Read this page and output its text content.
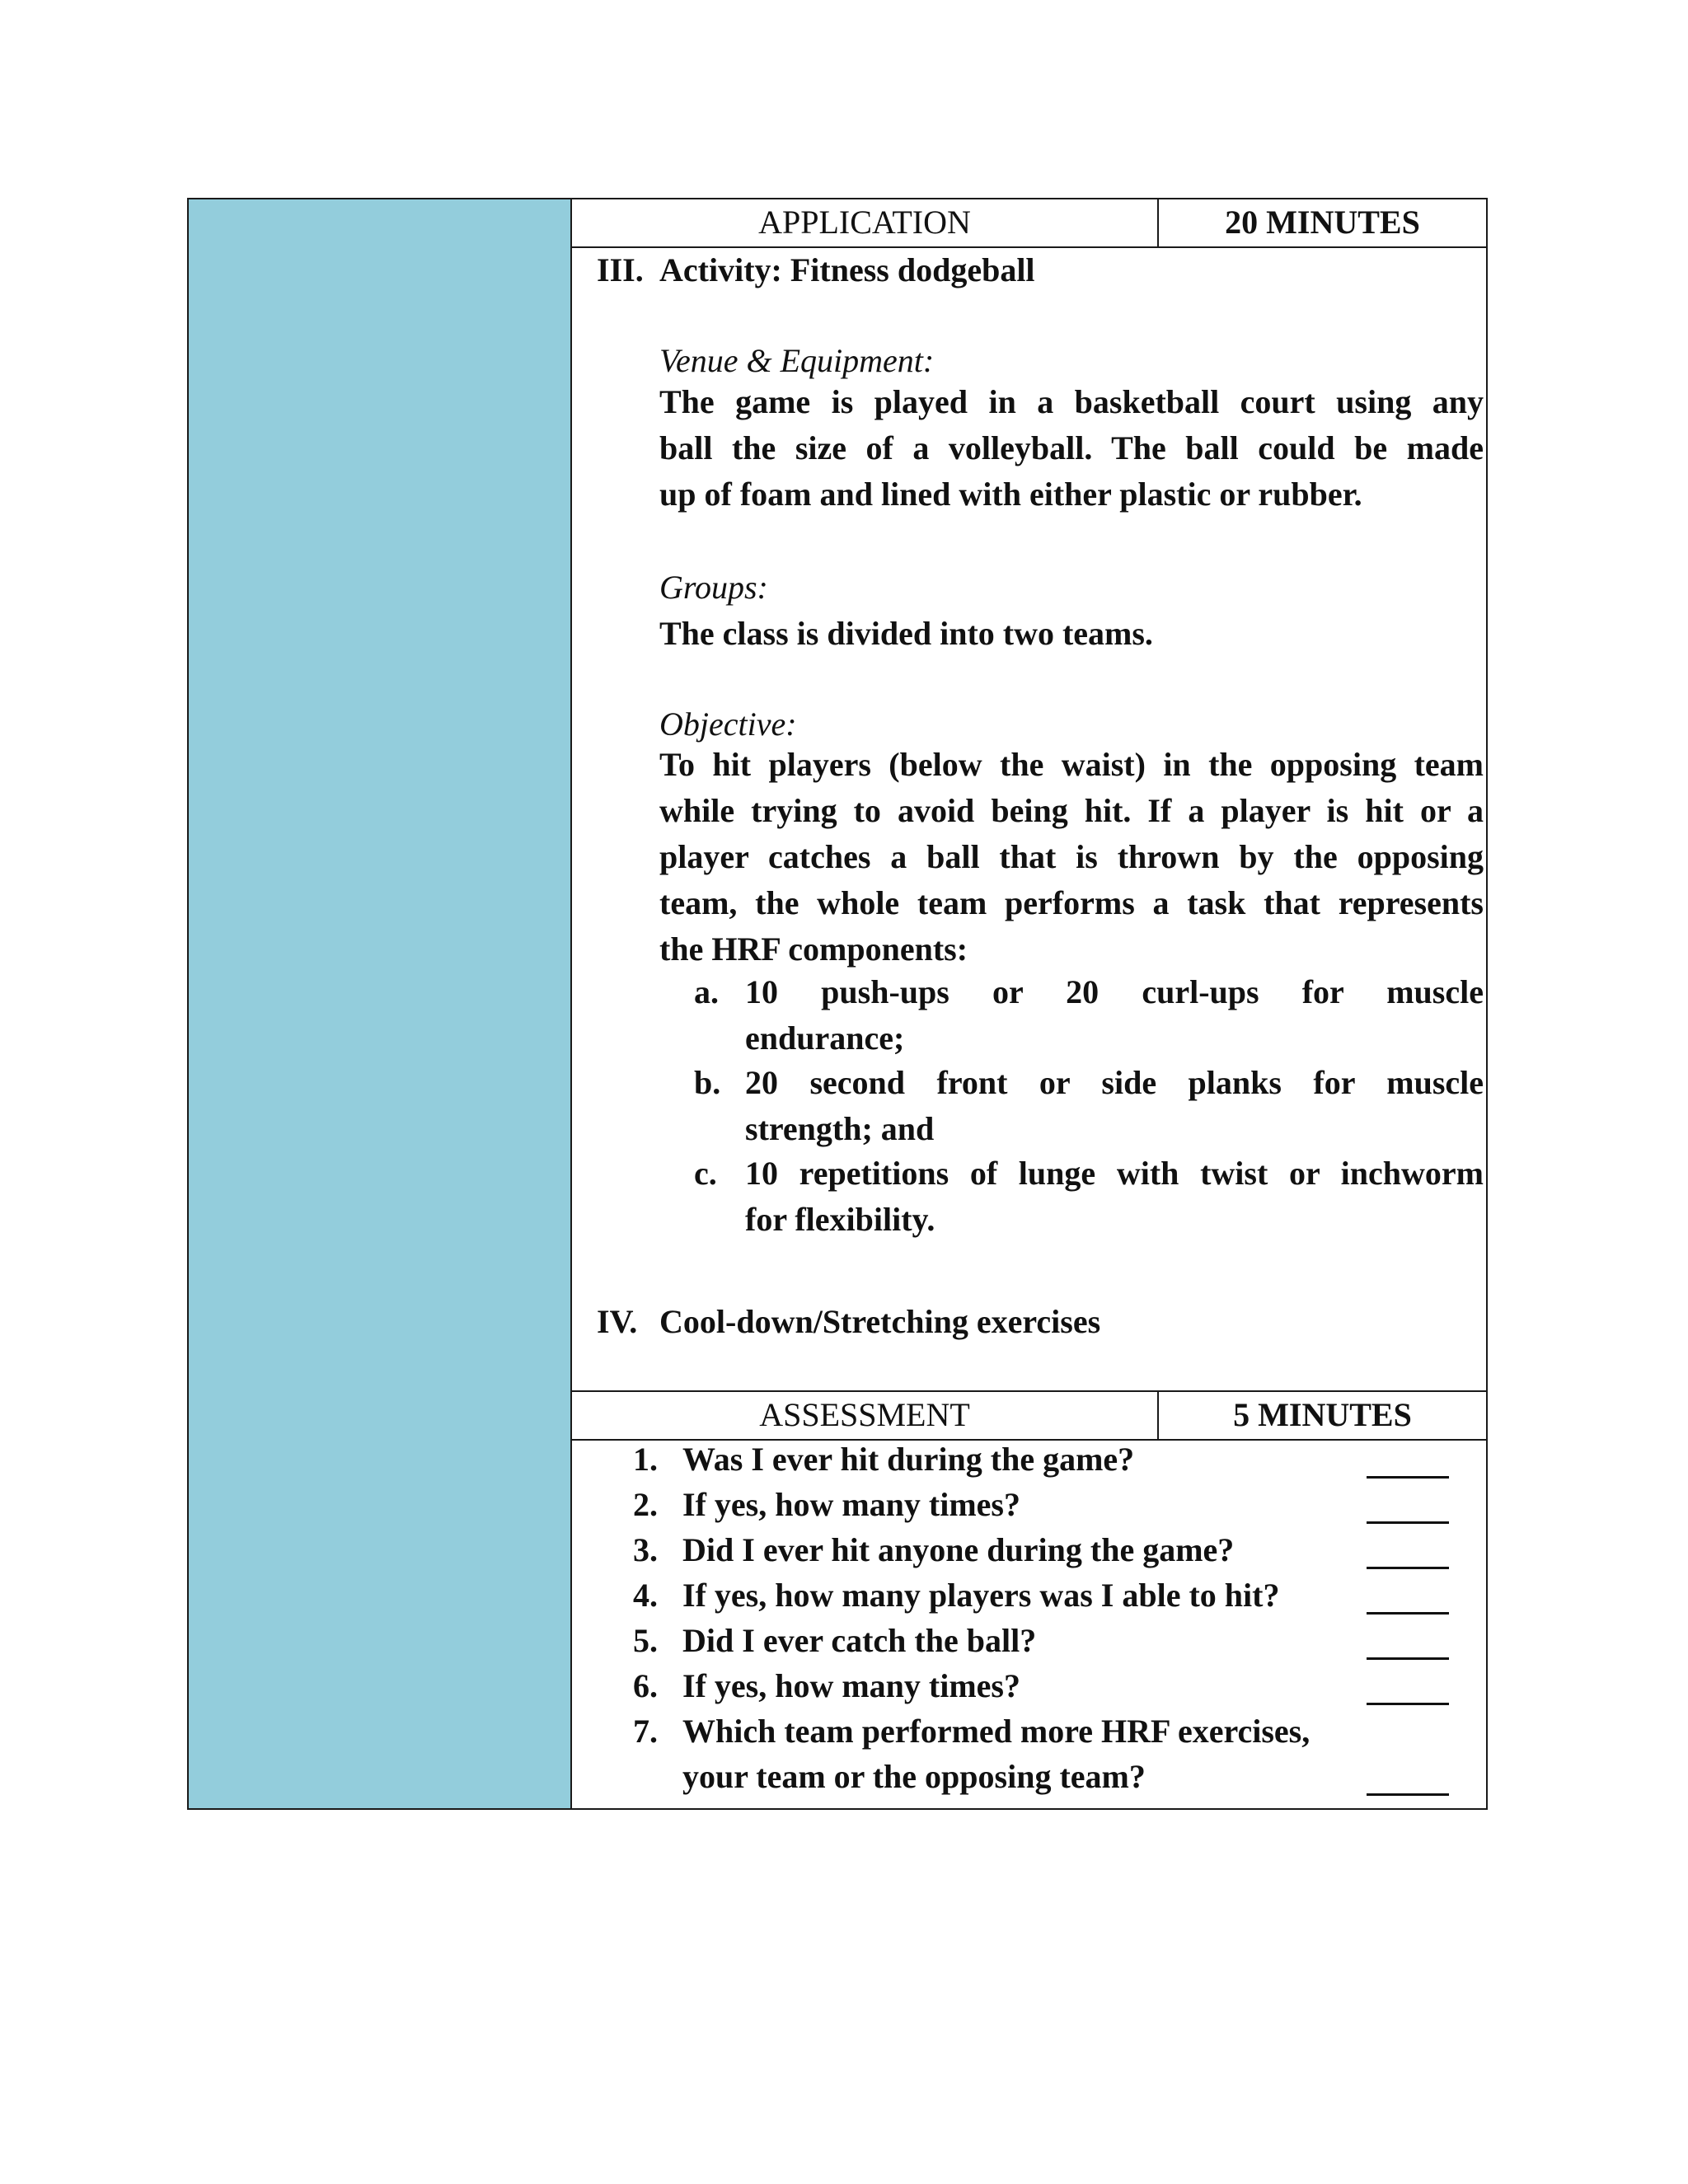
APPLICATION	20 MINUTES
III. Activity: Fitness dodgeball
Venue & Equipment:
The game is played in a basketball court using any
ball the size of a volleyball. The ball could be made
up of foam and lined with either plastic or rubber.
Groups:
The class is divided into two teams.
Objective:
To hit players (below the waist) in the opposing team
while trying to avoid being hit. If a player is hit or a
player catches a ball that is thrown by the opposing
team, the whole team performs a task that represents
the HRF components:
a. 10 push-ups or 20 curl-ups for muscle
endurance;
b. 20 second front or side planks for muscle
strength; and
c. 10 repetitions of lunge with twist or inchworm
for flexibility.
IV. Cool-down/Stretching exercises
ASSESSMENT	5 MINUTES
1. Was I ever hit during the game?
2. If yes, how many times?
3. Did I ever hit anyone during the game?
4. If yes, how many players was I able to hit?
5. Did I ever catch the ball?
6. If yes, how many times?
7. Which team performed more HRF exercises,
your team or the opposing team?
